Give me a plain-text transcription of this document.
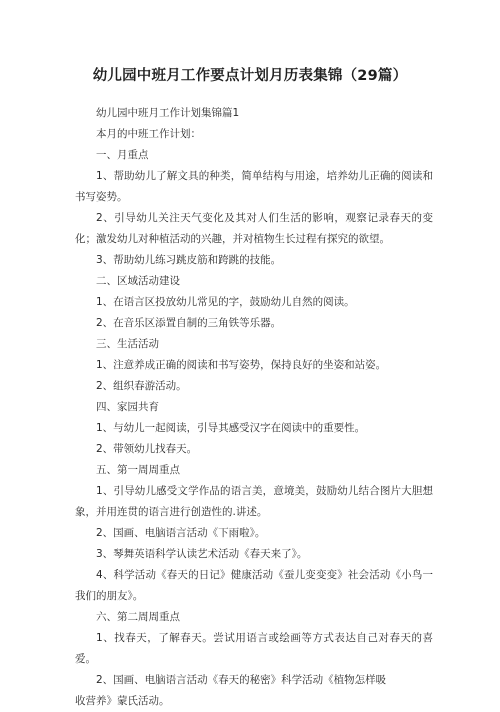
幼儿园中班月工作要点计划月历表集锦（29篇）

幼儿园中班月工作计划集锦篇1

本月的中班工作计划：

一、月重点

1、帮助幼儿了解文具的种类，简单结构与用途，培养幼儿正确的阅读和书写姿势。

2、引导幼儿关注天气变化及其对人们生活的影响，观察记录春天的变化；激发幼儿对种植活动的兴趣，并对植物生长过程有探究的欲望。

3、帮助幼儿练习跳皮筋和跨跳的技能。

二、区域活动建设

1、在语言区投放幼儿常见的字，鼓励幼儿自然的阅读。

2、在音乐区添置自制的三角铁等乐器。

三、生活活动

1、注意养成正确的阅读和书写姿势，保持良好的坐姿和站姿。

2、组织春游活动。

四、家园共育

1、与幼儿一起阅读，引导其感受汉字在阅读中的重要性。

2、带领幼儿找春天。

五、第一周周重点

1、引导幼儿感受文学作品的语言美，意境美，鼓励幼儿结合图片大胆想象，并用连贯的语言进行创造性的.讲述。

2、国画、电脑语言活动《下雨啦》。

3、琴舞英语科学认读艺术活动《春天来了》。

4、科学活动《春天的日记》健康活动《蚕儿变变变》社会活动《小鸟一我们的朋友》。

六、第二周周重点

1、找春天，了解春天。尝试用语言或绘画等方式表达自己对春天的喜爱。

2、国画、电脑语言活动《春天的秘密》科学活动《植物怎样吸

收营养》蒙氏活动。
